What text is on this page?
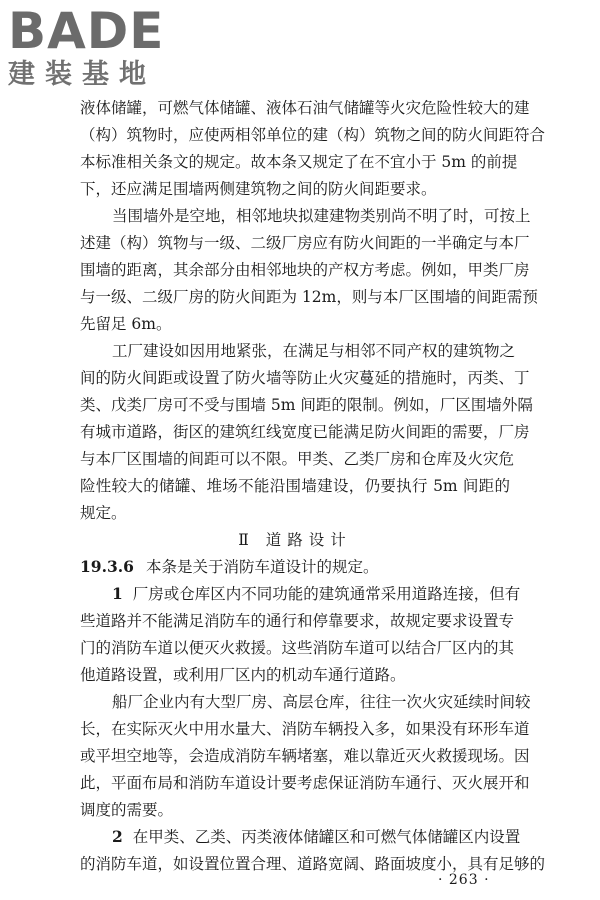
BADE
建装基地
液体储罐，可燃气体储罐、液体石油气储罐等火灾危险性较大的建
（构）筑物时，应使两相邻单位的建（构）筑物之间的防火间距符合
本标准相关条文的规定。故本条又规定了在不宜小于 5m 的前提
下，还应满足围墙两侧建筑物之间的防火间距要求。
当围墙外是空地，相邻地块拟建建物类别尚不明了时，可按上
述建（构）筑物与一级、二级厂房应有防火间距的一半确定与本厂
围墙的距离，其余部分由相邻地块的产权方考虑。例如，甲类厂房
与一级、二级厂房的防火间距为 12m，则与本厂区围墙的间距需预
先留足 6m。
工厂建设如因用地紧张，在满足与相邻不同产权的建筑物之
间的防火间距或设置了防火墙等防止火灾蔓延的措施时，丙类、丁
类、戊类厂房可不受与围墙 5m 间距的限制。例如，厂区围墙外隔
有城市道路，街区的建筑红线宽度已能满足防火间距的需要，厂房
与本厂区围墙的间距可以不限。甲类、乙类厂房和仓库及火灾危
险性较大的储罐、堆场不能沿围墙建设，仍要执行 5m 间距的
规定。
Ⅱ 道路设计
19.3.6 本条是关于消防车道设计的规定。
1 厂房或仓库区内不同功能的建筑通常采用道路连接，但有
些道路并不能满足消防车的通行和停靠要求，故规定要求设置专
门的消防车道以便灭火救援。这些消防车道可以结合厂区内的其
他道路设置，或利用厂区内的机动车通行道路。
船厂企业内有大型厂房、高层仓库，往往一次火灾延续时间较
长，在实际灭火中用水量大、消防车辆投入多，如果没有环形车道
或平坦空地等，会造成消防车辆堵塞，难以靠近灭火救援现场。因
此，平面布局和消防车道设计要考虑保证消防车通行、灭火展开和
调度的需要。
2 在甲类、乙类、丙类液体储罐区和可燃气体储罐区内设置
的消防车道，如设置位置合理、道路宽阔、路面坡度小，具有足够的
· 263 ·
